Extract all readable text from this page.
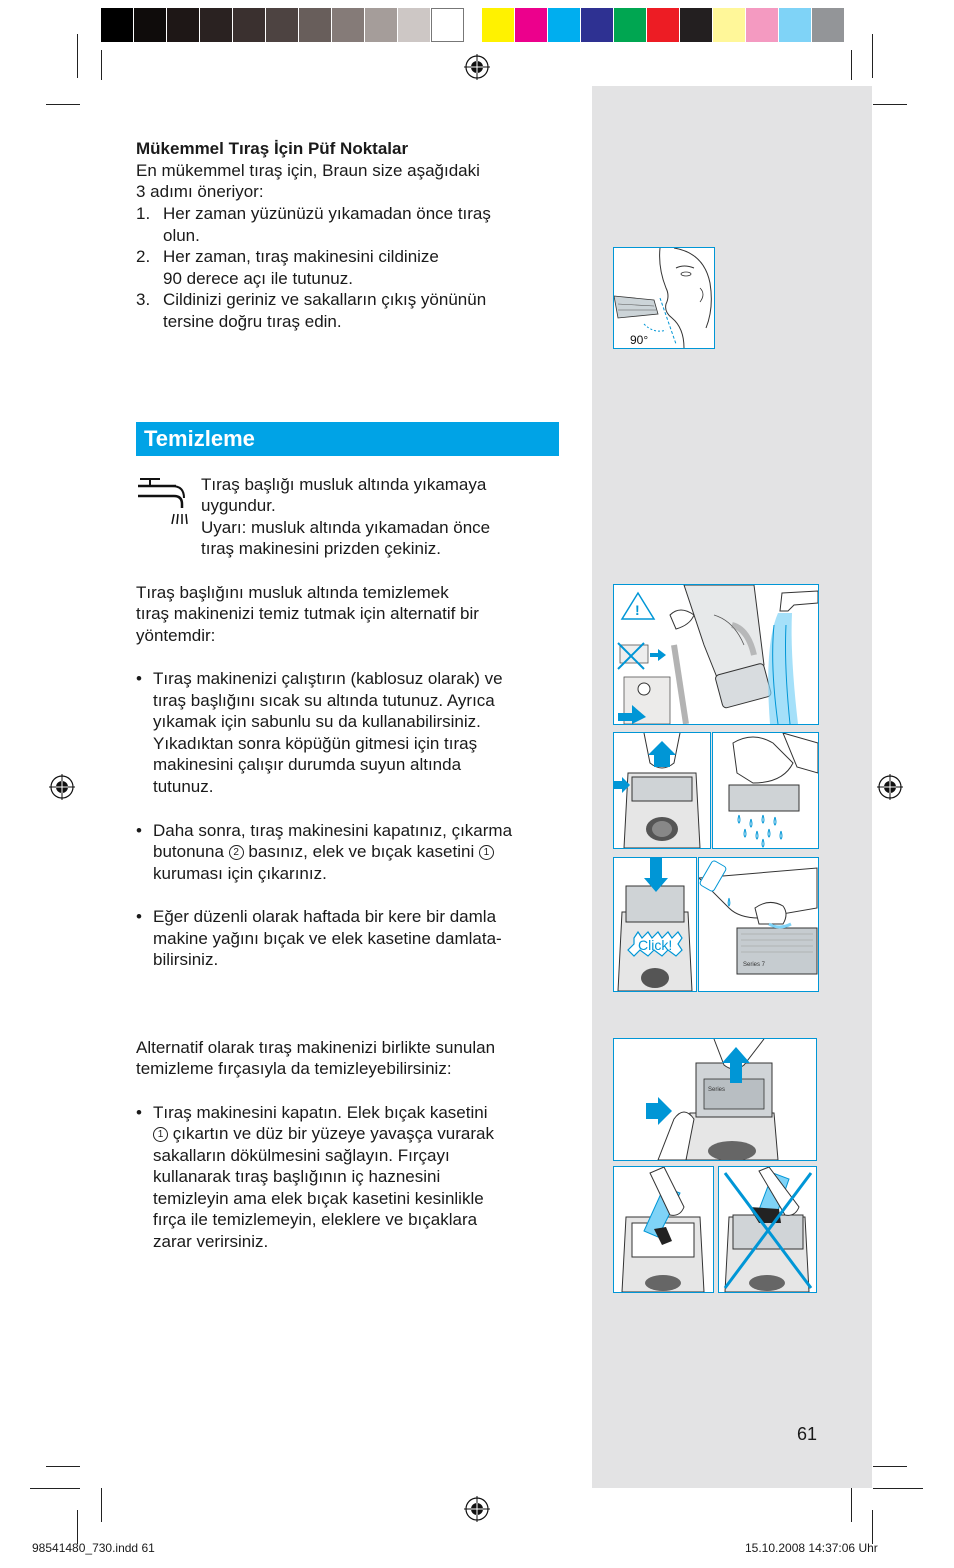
Mükemmel Tıraş İçin Püf Noktalar
En mükemmel tıraş için, Braun size aşağıdaki
3 adımı öneriyor:
1. Her zaman yüzünüzü yıkamadan önce tıraş
olun.
2. Her zaman, tıraş makinesini cildinize
90 derece açı ile tutunuz.
3. Cildinizi geriniz ve sakalların çıkış yönünün
tersine doğru tıraş edin.
Temizleme
Tıraş başlığı musluk altında yıkamaya
uygundur.
Uyarı: musluk altında yıkamadan önce
tıraş makinesini prizden çekiniz.
Tıraş başlığını musluk altında temizlemek
tıraş makinenizi temiz tutmak için alternatif bir
yöntemdir:
• Tıraş makinenizi çalıştırın (kablosuz olarak) ve
tıraş başlığını sıcak su altında tutunuz. Ayrıca
yıkamak için sabunlu su da kullanabilirsiniz.
Yıkadıktan sonra köpüğün gitmesi için tıraş
makinesini çalışır durumda suyun altında
tutunuz.
• Daha sonra, tıraş makinesini kapatınız, çıkarma
butonuna 2 basınız, elek ve bıçak kasetini 1
kuruması için çıkarınız.
• Eğer düzenli olarak haftada bir kere bir damla
makine yağını bıçak ve elek kasetine damlata-
bilirsiniz.
Alternatif olarak tıraş makinenizi birlikte sunulan
temizleme fırçasıyla da temizleyebilirsiniz:
• Tıraş makinesini kapatın. Elek bıçak kasetini
1 çıkartın ve düz bir yüzeye yavaşça vurarak
sakalların dökülmesini sağlayın. Fırçayı
kullanarak tıraş başlığının iç haznesini
temizleyin ama elek bıçak kasetini kesinlikle
fırça ile temizlemeyin, eleklere ve bıçaklara
zarar verirsiniz.
90°
!
Click!
Series 7
Series
61
98541480_730.indd 61	15.10.2008 14:37:06 Uhr
